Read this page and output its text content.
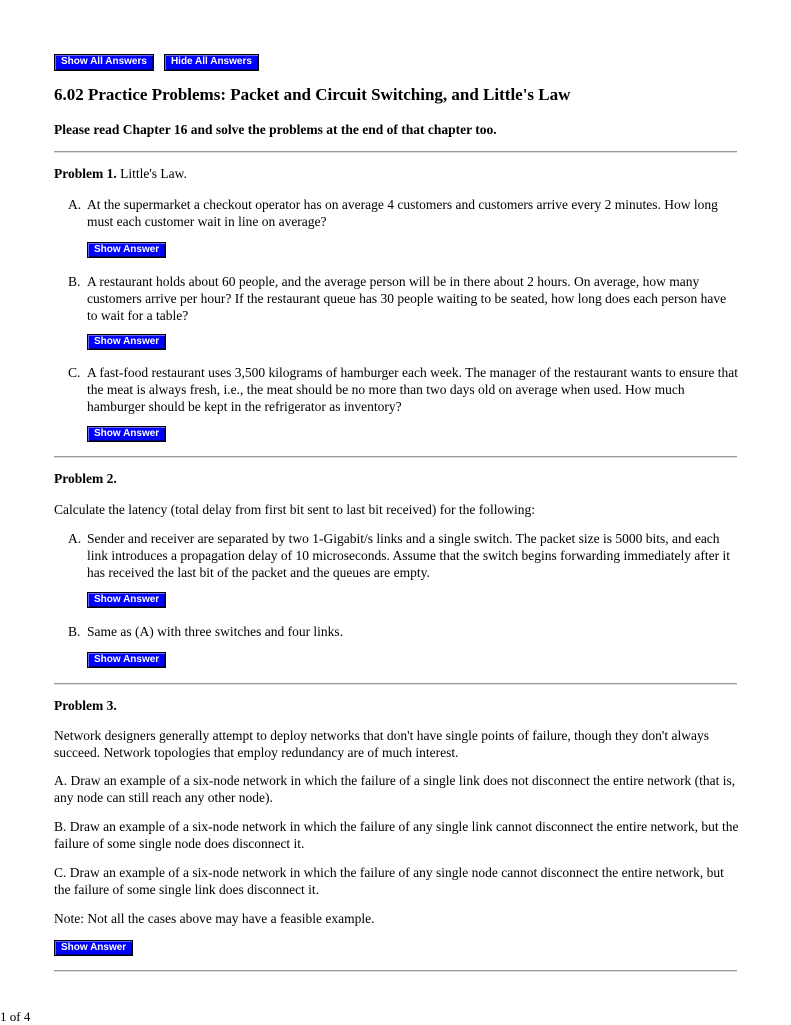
Show All Answers Hide All Answers
6.02 Practice Problems: Packet and Circuit Switching, and Little's Law

Please read Chapter 16 and solve the problems at the end of that chapter too.

Problem 1. Little's Law.

A. At the supermarket a checkout operator has on average 4 customers and customers arrive every 2 minutes. How long must each customer wait in line on average?
Show Answer
B. A restaurant holds about 60 people, and the average person will be in there about 2 hours. On average, how many customers arrive per hour? If the restaurant queue has 30 people waiting to be seated, how long does each person have to wait for a table?
Show Answer
C. A fast-food restaurant uses 3,500 kilograms of hamburger each week. The manager of the restaurant wants to ensure that the meat is always fresh, i.e., the meat should be no more than two days old on average when used. How much hamburger should be kept in the refrigerator as inventory?
Show Answer

Problem 2.

Calculate the latency (total delay from first bit sent to last bit received) for the following:

A. Sender and receiver are separated by two 1-Gigabit/s links and a single switch. The packet size is 5000 bits, and each link introduces a propagation delay of 10 microseconds. Assume that the switch begins forwarding immediately after it has received the last bit of the packet and the queues are empty.
Show Answer
B. Same as (A) with three switches and four links.
Show Answer

Problem 3.

Network designers generally attempt to deploy networks that don't have single points of failure, though they don't always succeed. Network topologies that employ redundancy are of much interest.

A. Draw an example of a six-node network in which the failure of a single link does not disconnect the entire network (that is, any node can still reach any other node).

B. Draw an example of a six-node network in which the failure of any single link cannot disconnect the entire network, but the failure of some single node does disconnect it.

C. Draw an example of a six-node network in which the failure of any single node cannot disconnect the entire network, but the failure of some single link does disconnect it.

Note: Not all the cases above may have a feasible example.

Show Answer
1 of 4
